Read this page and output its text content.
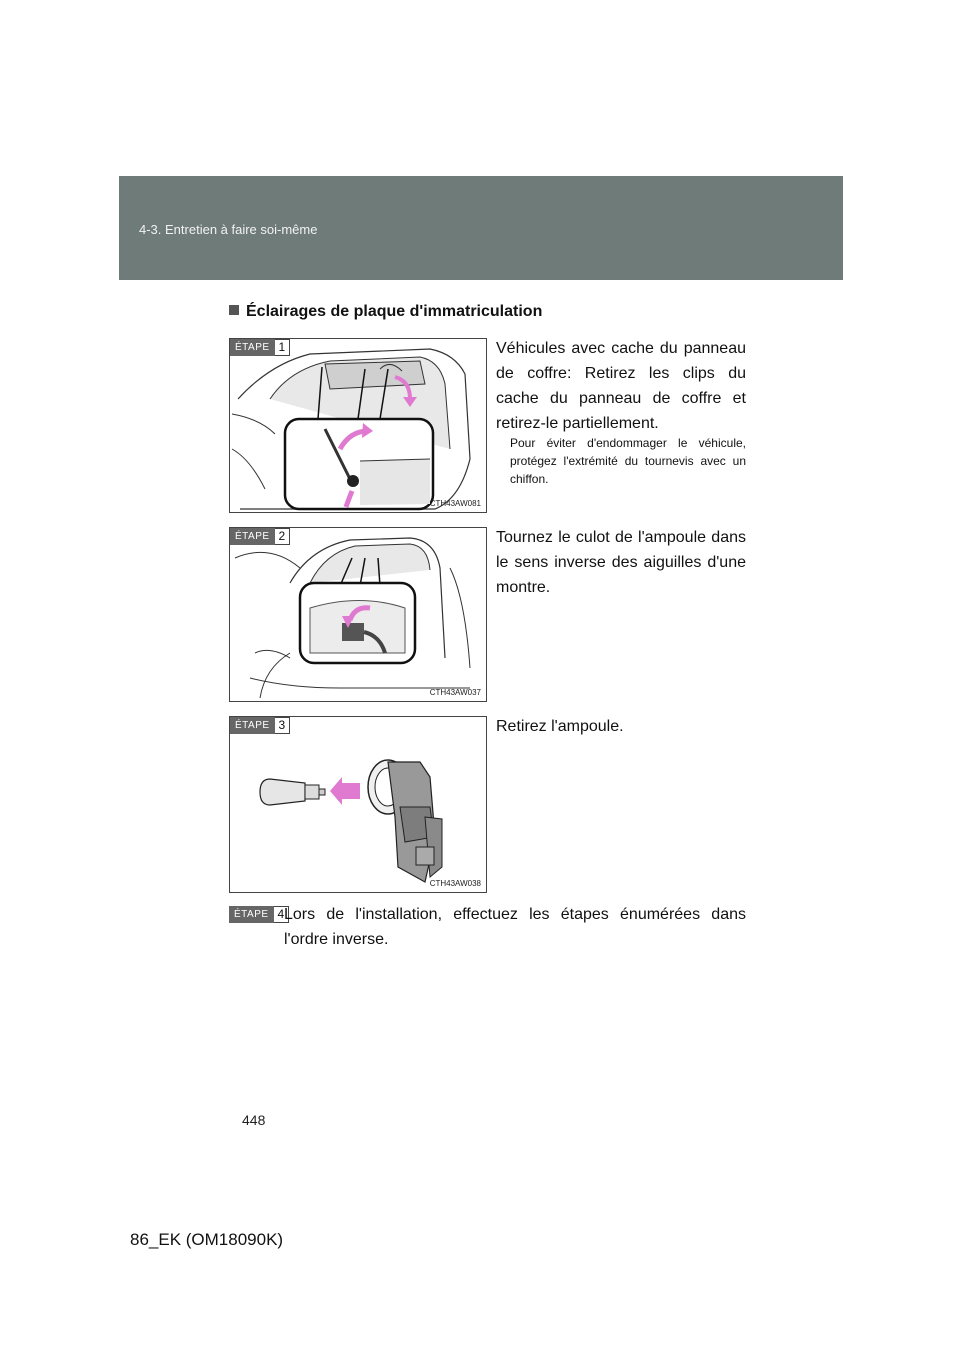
4-3. Entretien à faire soi-même
Éclairages de plaque d'immatriculation
ÉTAPE 1
CTH43AW081
Véhicules avec cache du panneau de coffre: Retirez les clips du cache du panneau de coffre et retirez-le partiellement.
Pour éviter d'endommager le véhicule, protégez l'extrémité du tournevis avec un chiffon.
ÉTAPE 2
CTH43AW037
Tournez le culot de l'ampoule dans le sens inverse des aiguilles d'une montre.
ÉTAPE 3
CTH43AW038
Retirez l'ampoule.
ÉTAPE 4 Lors de l'installation, effectuez les étapes énumérées dans l'ordre inverse.
448
86_EK (OM18090K)
